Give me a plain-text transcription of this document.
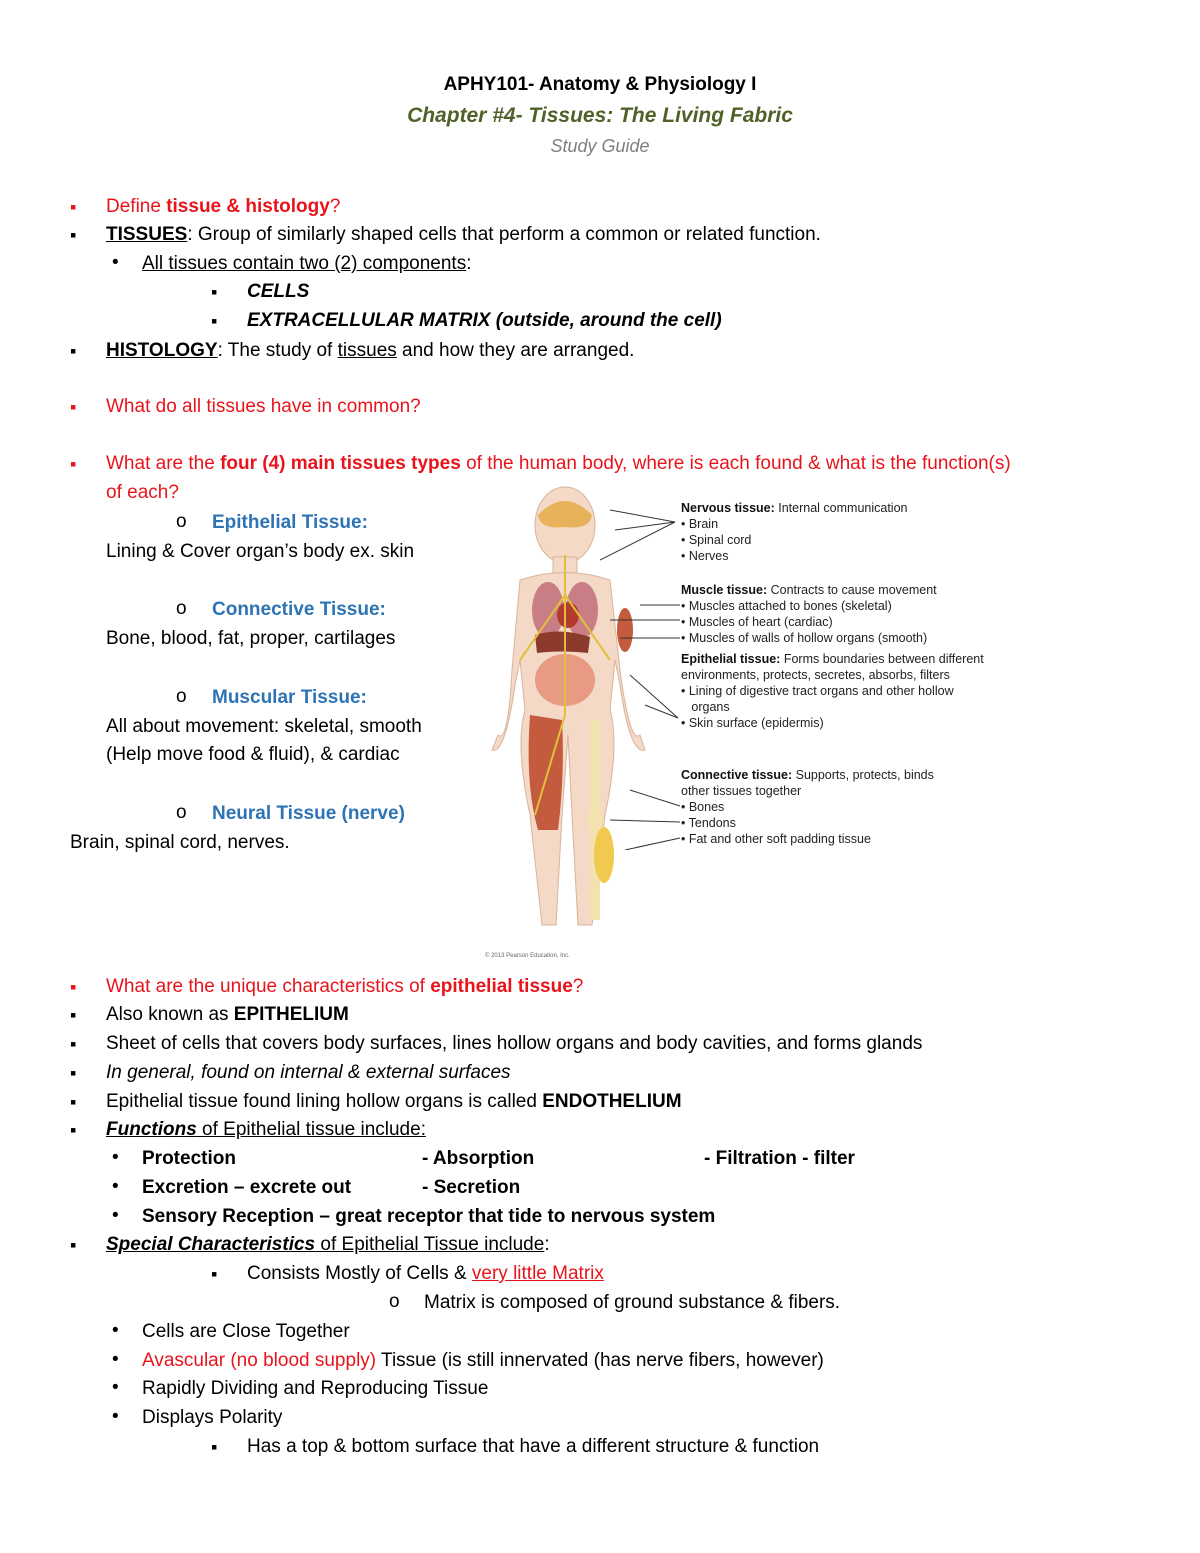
APHY101- Anatomy & Physiology I
Chapter #4- Tissues: The Living Fabric
Study Guide
▪ Define tissue & histology?
▪ TISSUES: Group of similarly shaped cells that perform a common or related function.
• All tissues contain two (2) components:
▪ CELLS
▪ EXTRACELLULAR MATRIX (outside, around the cell)
▪ HISTOLOGY: The study of tissues and how they are arranged.
▪ What do all tissues have in common?
▪ What are the four (4) main tissues types of the human body, where is each found & what is the function(s)
of each?
o Epithelial Tissue:
Lining & Cover organ’s body ex. skin
o Connective Tissue:
Bone, blood, fat, proper, cartilages
o Muscular Tissue:
All about movement: skeletal, smooth
(Help move food & fluid), & cardiac
o Neural Tissue (nerve)
Brain, spinal cord, nerves.
© 2013 Pearson Education, Inc.
Nervous tissue: Internal communication
• Brain
• Spinal cord
• Nerves
Muscle tissue: Contracts to cause movement
• Muscles attached to bones (skeletal)
• Muscles of heart (cardiac)
• Muscles of walls of hollow organs (smooth)
Epithelial tissue: Forms boundaries between different
environments, protects, secretes, absorbs, filters
• Lining of digestive tract organs and other hollow
organs
• Skin surface (epidermis)
Connective tissue: Supports, protects, binds
other tissues together
• Bones
• Tendons
• Fat and other soft padding tissue
▪ What are the unique characteristics of epithelial tissue?
▪ Also known as EPITHELIUM
▪ Sheet of cells that covers body surfaces, lines hollow organs and body cavities, and forms glands
▪ In general, found on internal & external surfaces
▪ Epithelial tissue found lining hollow organs is called ENDOTHELIUM
▪ Functions of Epithelial tissue include:
• Protection	- Absorption	- Filtration - filter
• Excretion – excrete out	- Secretion
• Sensory Reception – great receptor that tide to nervous system
▪ Special Characteristics of Epithelial Tissue include:
▪ Consists Mostly of Cells & very little Matrix
o Matrix is composed of ground substance & fibers.
• Cells are Close Together
• Avascular (no blood supply) Tissue (is still innervated (has nerve fibers, however)
• Rapidly Dividing and Reproducing Tissue
• Displays Polarity
▪ Has a top & bottom surface that have a different structure & function
